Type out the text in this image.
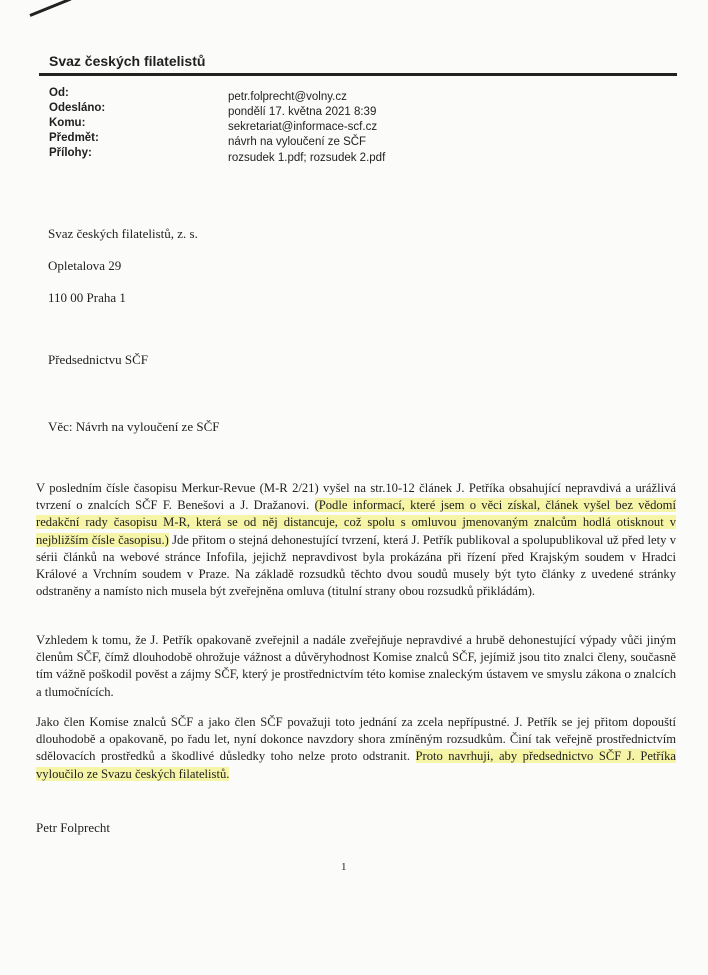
Svaz českých filatelistů
Od:	petr.folprecht@volny.cz
Odesláno:	pondělí 17. května 2021 8:39
Komu:	sekretariat@informace-scf.cz
Předmět:	návrh na vyloučení ze SČF
Přílohy:	rozsudek 1.pdf; rozsudek 2.pdf
Svaz českých filatelistů, z. s.
Opletalova 29
110 00 Praha 1
Předsednictvu SČF
Věc: Návrh na vyloučení ze SČF

V posledním čísle časopisu Merkur-Revue (M-R 2/21) vyšel na str.10-12 článek J. Petříka obsahující nepravdivá a urážlivá tvrzení o znalcích SČF F. Benešovi a J. Dražanovi. (Podle informací, které jsem o věci získal, článek vyšel bez vědomí redakční rady časopisu M-R, která se od něj distancuje, což spolu s omluvou jmenovaným znalcům hodlá otisknout v nejbližším čísle časopisu.) Jde přitom o stejná dehonestující tvrzení, která J. Petřík publikoval a spolupublikoval už před lety v sérii článků na webové stránce Infofila, jejichž nepravdivost byla prokázána při řízení před Krajským soudem v Hradci Králové a Vrchním soudem v Praze. Na základě rozsudků těchto dvou soudů musely být tyto články z uvedené stránky odstraněny a namísto nich musela být zveřejněna omluva (titulní strany obou rozsudků přikládám).

Vzhledem k tomu, že J. Petřík opakovaně zveřejnil a nadále zveřejňuje nepravdivé a hrubě dehonestující výpady vůči jiným členům SČF, čímž dlouhodobě ohrožuje vážnost a důvěryhodnost Komise znalců SČF, jejímiž jsou tito znalci členy, současně tím vážně poškodil pověst a zájmy SČF, který je prostřednictvím této komise znaleckým ústavem ve smyslu zákona o znalcích a tlumočnících.

Jako člen Komise znalců SČF a jako člen SČF považuji toto jednání za zcela nepřípustné. J. Petřík se jej přitom dopouští dlouhodobě a opakovaně, po řadu let, nyní dokonce navzdory shora zmíněným rozsudkům. Činí tak veřejně prostřednictvím sdělovacích prostředků a škodlivé důsledky toho nelze proto odstranit. Proto navrhuji, aby předsednictvo SČF J. Petříka vyloučilo ze Svazu českých filatelistů.

Petr Folprecht
1
